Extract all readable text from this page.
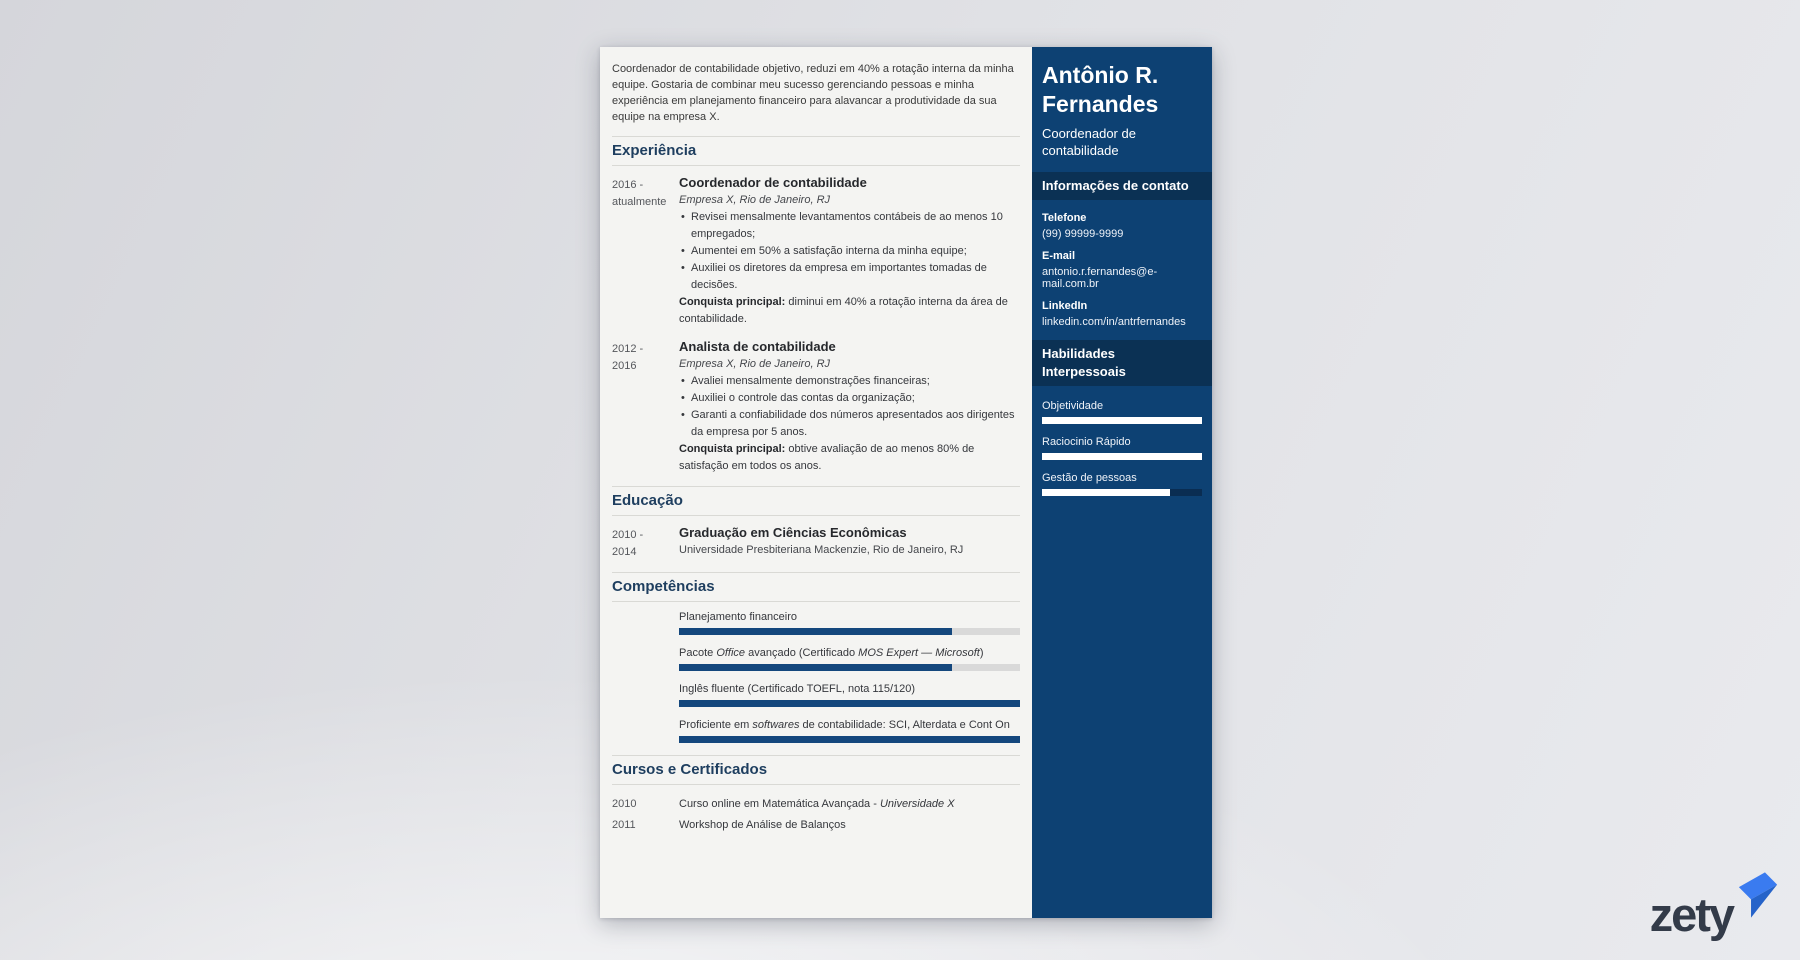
Coordenador de contabilidade objetivo, reduzi em 40% a rotação interna da minha equipe. Gostaria de combinar meu sucesso gerenciando pessoas e minha experiência em planejamento financeiro para alavancar a produtividade da sua equipe na empresa X.

Experiência
2016 -
atualmente
Coordenador de contabilidade

Empresa X, Rio de Janeiro, RJ

• Revisei mensalmente levantamentos contábeis de ao menos 10 empregados;
• Aumentei em 50% a satisfação interna da minha equipe;
• Auxiliei os diretores da empresa em importantes tomadas de decisões.

Conquista principal: diminui em 40% a rotação interna da área de contabilidade.

2012 -
2016
Analista de contabilidade

Empresa X, Rio de Janeiro, RJ

• Avaliei mensalmente demonstrações financeiras;
• Auxiliei o controle das contas da organização;
• Garanti a confiabilidade dos números apresentados aos dirigentes da empresa por 5 anos.

Conquista principal: obtive avaliação de ao menos 80% de satisfação em todos os anos.

Educação
2010 -
2014
Graduação em Ciências Econômicas

Universidade Presbiteriana Mackenzie, Rio de Janeiro, RJ

Competências
Planejamento financeiro
Pacote Office avançado (Certificado MOS Expert — Microsoft)
Inglês fluente (Certificado TOEFL, nota 115/120)
Proficiente em softwares de contabilidade: SCI, Alterdata e Cont On
Cursos e Certificados
2010	Curso online em Matemática Avançada - Universidade X
2011	Workshop de Análise de Balanços
Antônio R.
Fernandes

Coordenador de contabilidade

Informações de contato
Telefone
(99) 99999-9999
E-mail
antonio.r.fernandes@e-mail.com.br
LinkedIn
linkedin.com/in/antrfernandes
Habilidades Interpessoais
Objetividade
Raciocinio Rápido
Gestão de pessoas
zety
